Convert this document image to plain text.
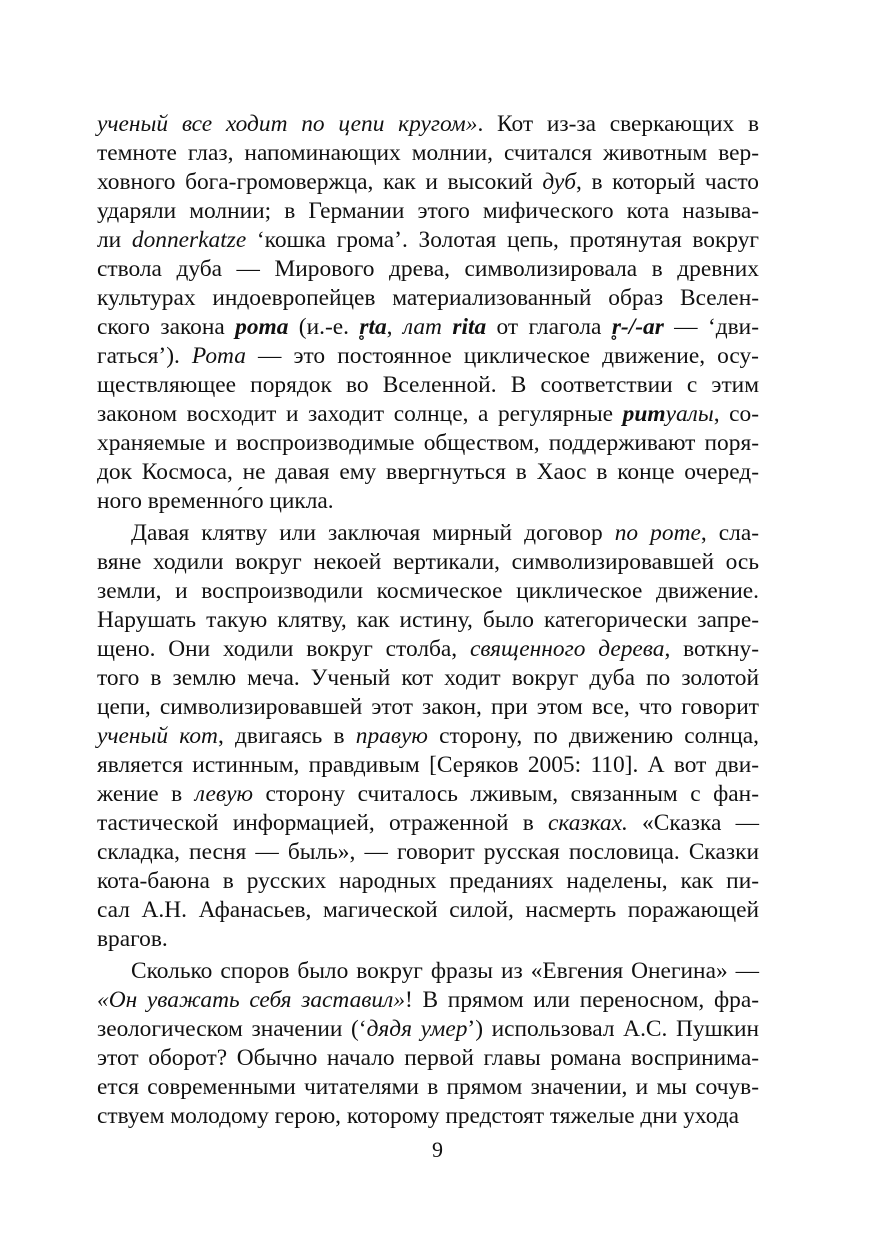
ученый все ходит по цепи кругом». Кот из-за сверкающих в
темноте глаз, напоминающих молнии, считался животным вер-
ховного бога-громовержца, как и высокий дуб, в который часто
ударяли молнии; в Германии этого мифического кота называ-
ли donnerkatze ‘кошка грома’. Золотая цепь, протянутая вокруг
ствола дуба — Мирового древа, символизировала в древних
культурах индоевропейцев материализованный образ Вселен-
ского закона рота (и.-е. r̥ta, лат rita от глагола r̥-/-ar — ‘дви-
гаться’). Рота — это постоянное циклическое движение, осу-
ществляющее порядок во Вселенной. В соответствии с этим
законом восходит и заходит солнце, а регулярные ритуалы, со-
храняемые и воспроизводимые обществом, поддерживают поря-
док Космоса, не давая ему ввергнуться в Хаос в конце очеред-
ного временно́го цикла.
Давая клятву или заключая мирный договор по роте, сла-
вяне ходили вокруг некоей вертикали, символизировавшей ось
земли, и воспроизводили космическое циклическое движение.
Нарушать такую клятву, как истину, было категорически запре-
щено. Они ходили вокруг столба, священного дерева, воткну-
того в землю меча. Ученый кот ходит вокруг дуба по золотой
цепи, символизировавшей этот закон, при этом все, что говорит
ученый кот, двигаясь в правую сторону, по движению солнца,
является истинным, правдивым [Серяков 2005: 110]. А вот дви-
жение в левую сторону считалось лживым, связанным с фан-
тастической информацией, отраженной в сказках. «Сказка —
складка, песня — быль», — говорит русская пословица. Сказки
кота-баюна в русских народных преданиях наделены, как пи-
сал А.Н. Афанасьев, магической силой, насмерть поражающей
врагов.
Сколько споров было вокруг фразы из «Евгения Онегина» —
«Он уважать себя заставил»! В прямом или переносном, фра-
зеологическом значении (‘дядя умер’) использовал А.С. Пушкин
этот оборот? Обычно начало первой главы романа воспринима-
ется современными читателями в прямом значении, и мы сочув-
ствуем молодому герою, которому предстоят тяжелые дни ухода
9
